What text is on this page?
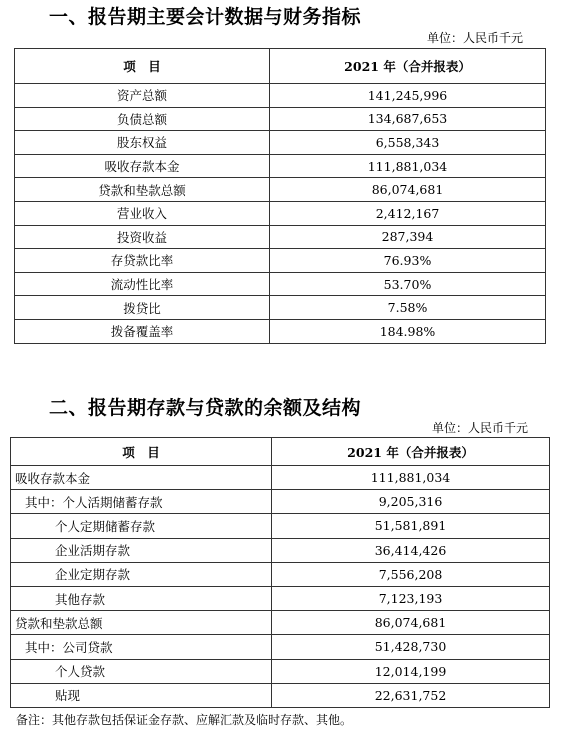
一、报告期主要会计数据与财务指标
单位：人民币千元
项　目	2021 年（合并报表）
资产总额	141,245,996
负债总额	134,687,653
股东权益	6,558,343
吸收存款本金	111,881,034
贷款和垫款总额	86,074,681
营业收入	2,412,167
投资收益	287,394
存贷款比率	76.93%
流动性比率	53.70%
拨贷比	7.58%
拨备覆盖率	184.98%
二、报告期存款与贷款的余额及结构
单位：人民币千元
项　目	2021 年（合并报表）
吸收存款本金	111,881,034
其中：个人活期储蓄存款	9,205,316
个人定期储蓄存款	51,581,891
企业活期存款	36,414,426
企业定期存款	7,556,208
其他存款	7,123,193
贷款和垫款总额	86,074,681
其中：公司贷款	51,428,730
个人贷款	12,014,199
贴现	22,631,752
备注：其他存款包括保证金存款、应解汇款及临时存款、其他。
